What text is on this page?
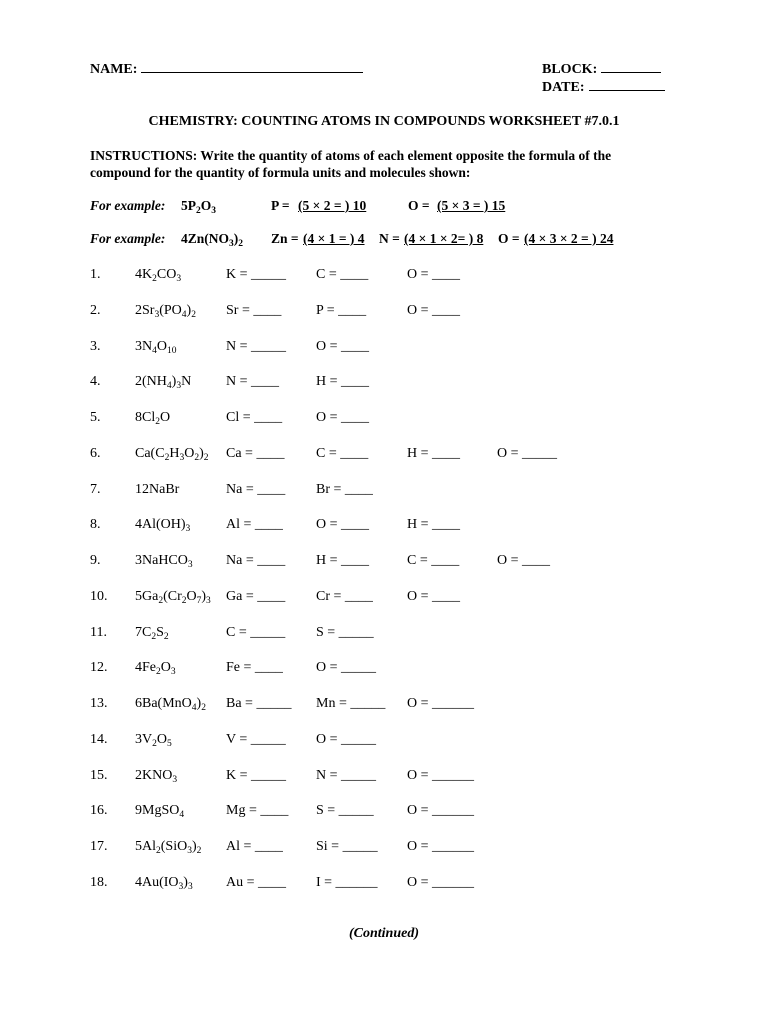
NAME:	BLOCK:
DATE:
CHEMISTRY: COUNTING ATOMS IN COMPOUNDS WORKSHEET #7.0.1
INSTRUCTIONS: Write the quantity of atoms of each element opposite the formula of the compound for the quantity of formula units and molecules shown:
For example: $5P_2O_3$	P = (5 × 2 = ) 10	O = (5 × 3 = ) 15
For example: $4Zn(NO_3)_2$ Zn = (4 × 1 = ) 4 N = (4 × 1 × 2= ) 8 O = (4 × 3 × 2 = ) 24
1. $4K_2CO_3$	K = _____ C = ____	O = ____
2. $2Sr_3(PO_4)_2$ Sr = ____ P = ____	O = ____
3. $3N_4O_{10}$	N = _____ O = ____
4. $2(NH_4)_3N$ N = ____	H = ____
5. $8Cl_2O$	Cl = ____ O = ____
6. $Ca(C_2H_3O_2)_2$ Ca = ____ C = ____	H = ____	O = _____
7. 12NaBr	Na = ____ Br = ____
8. $4Al(OH)_3$	Al = ____ O = ____	H = ____
9. 3NaHCO$_3$ Na = ____ H = ____	C = ____	O = ____
10. $5Ga_2(Cr_2O_7)_3$ Ga = ____ Cr = ____ O = ____
11. $7C_2S_2$	C = _____ S = _____
12. $4Fe_2O_3$	Fe = ____ O = _____
13. $6Ba(MnO_4)_2$ Ba = _____ Mn = _____ O = ______
14. $3V_2O_5$	V = _____ O = _____
15. $2KNO_3$	K = _____ N = _____ O = ______
16. 9MgSO$_4$	Mg = ____ S = _____ O = ______
17. $5Al_2(SiO_3)_2$ Al = ____ Si = _____ O = ______
18. $4Au(IO_3)_3$ Au = ____ I = ______ O = ______
(Continued)
